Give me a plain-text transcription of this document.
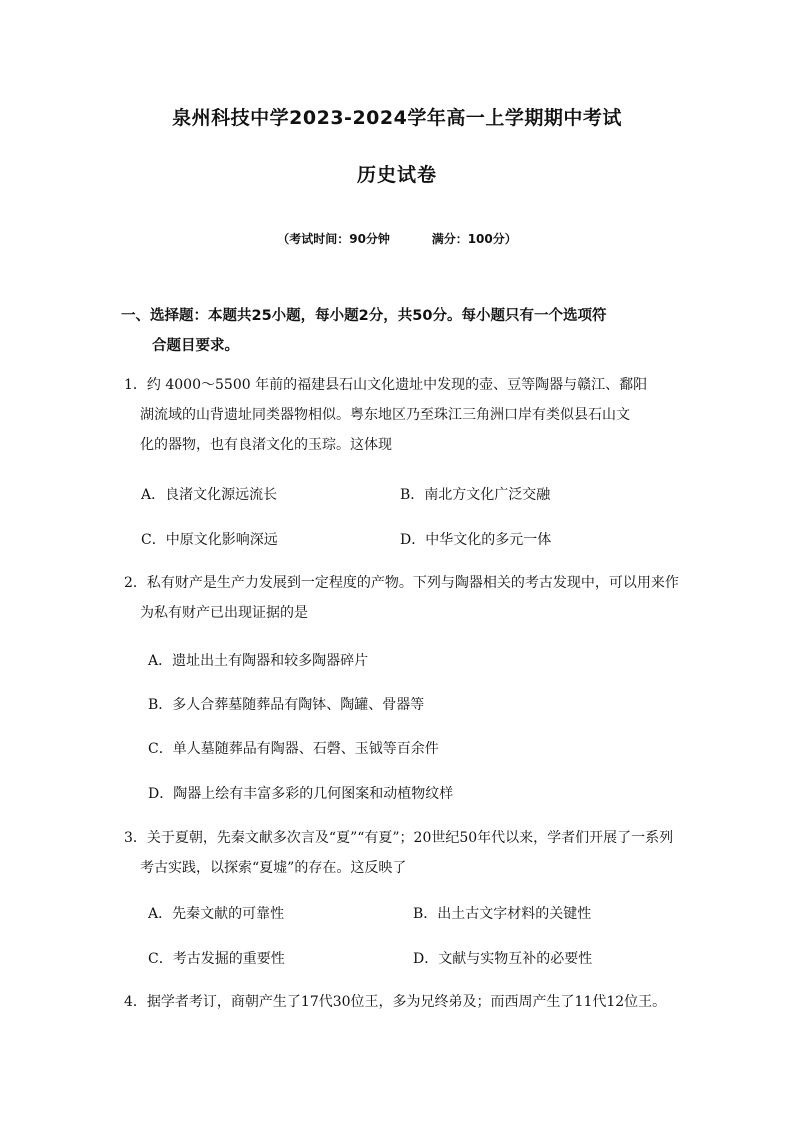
泉州科技中学2023-2024学年高一上学期期中考试
历史试卷
（考试时间：90分钟          满分：100分）
一、选择题：本题共25小题，每小题2分，共50分。每小题只有一个选项符
合题目要求。
1．约 4000～5500 年前的福建县石山文化遗址中发现的壶、豆等陶器与赣江、鄱阳
湖流域的山背遗址同类器物相似。粤东地区乃至珠江三角洲口岸有类似县石山文
化的器物，也有良渚文化的玉琮。这体现
A．良渚文化源远流长	B．南北方文化广泛交融
C．中原文化影响深远	D．中华文化的多元一体
2．私有财产是生产力发展到一定程度的产物。下列与陶器相关的考古发现中，可以用来作
为私有财产已出现证据的是
A．遗址出土有陶器和较多陶器碎片
B．多人合葬墓随葬品有陶钵、陶罐、骨器等
C．单人墓随葬品有陶器、石磬、玉钺等百余件
D．陶器上绘有丰富多彩的几何图案和动植物纹样
3．关于夏朝，先秦文献多次言及“夏”“有夏”；20世纪50年代以来，学者们开展了一系列
考古实践，以探索“夏墟”的存在。这反映了
A．先秦文献的可靠性	B．出土古文字材料的关键性
C．考古发掘的重要性	D．文献与实物互补的必要性
4．据学者考订，商朝产生了17代30位王，多为兄终弟及；而西周产生了11代12位王。
